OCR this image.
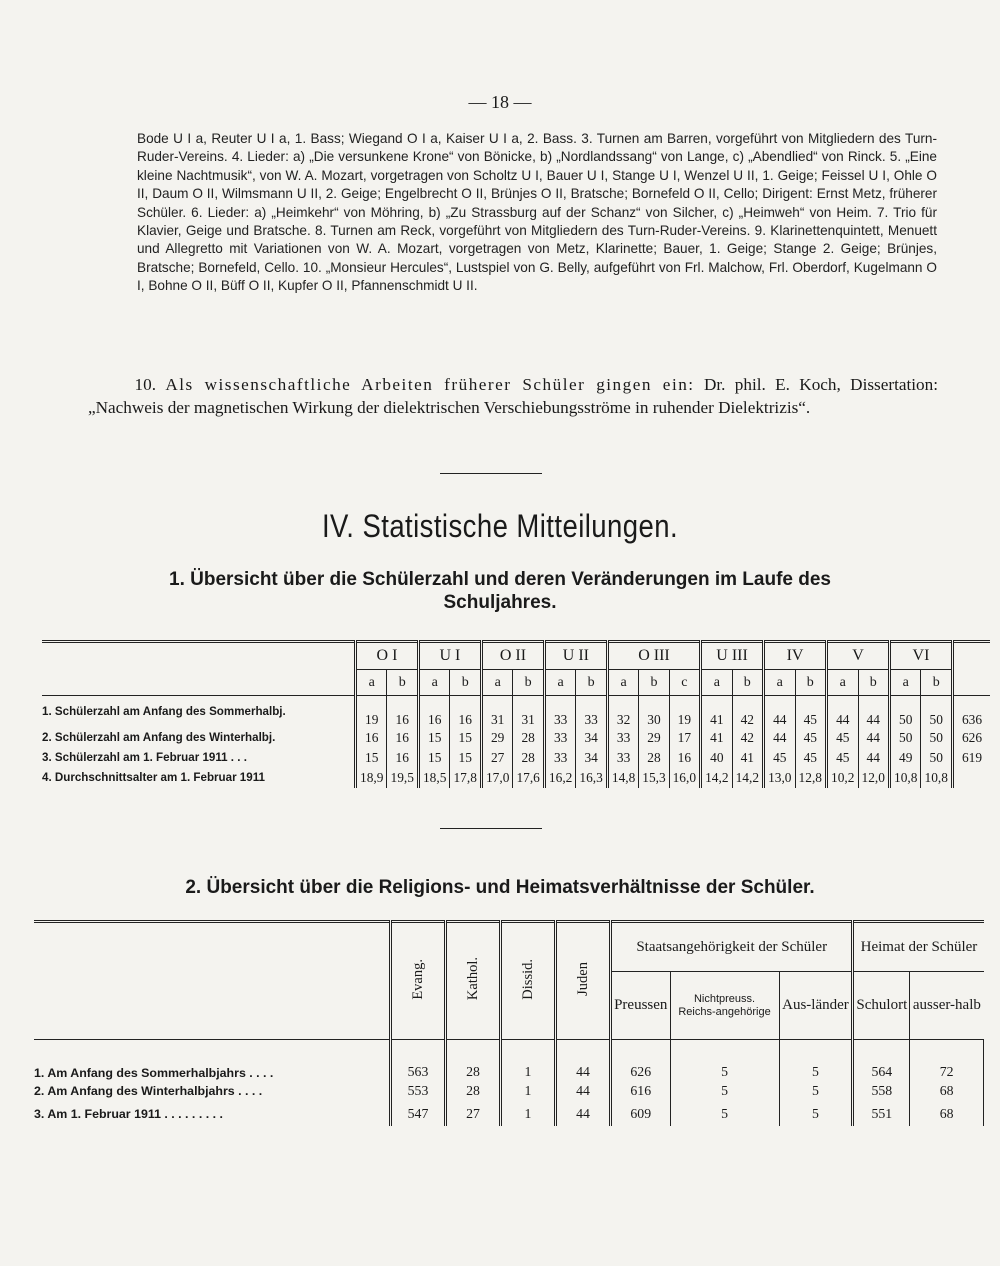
— 18 —
Bode U I a, Reuter U I a, 1. Bass; Wiegand O I a, Kaiser U I a, 2. Bass. 3. Turnen am Barren, vorgeführt von Mitgliedern des Turn-Ruder-Vereins. 4. Lieder: a) „Die versunkene Krone“ von Bönicke, b) „Nordlandssang“ von Lange, c) „Abendlied“ von Rinck. 5. „Eine kleine Nachtmusik“, von W. A. Mozart, vorgetragen von Scholtz U I, Bauer U I, Stange U I, Wenzel U II, 1. Geige; Feissel U I, Ohle O II, Daum O II, Wilmsmann U II, 2. Geige; Engelbrecht O II, Brünjes O II, Bratsche; Bornefeld O II, Cello; Dirigent: Ernst Metz, früherer Schüler. 6. Lieder: a) „Heimkehr“ von Möhring, b) „Zu Strassburg auf der Schanz“ von Silcher, c) „Heimweh“ von Heim. 7. Trio für Klavier, Geige und Bratsche. 8. Turnen am Reck, vorgeführt von Mitgliedern des Turn-Ruder-Vereins. 9. Klarinettenquintett, Menuett und Allegretto mit Variationen von W. A. Mozart, vorgetragen von Metz, Klarinette; Bauer, 1. Geige; Stange 2. Geige; Brünjes, Bratsche; Bornefeld, Cello. 10. „Monsieur Hercules“, Lustspiel von G. Belly, aufgeführt von Frl. Malchow, Frl. Oberdorf, Kugelmann O I, Bohne O II, Büff O II, Kupfer O II, Pfannenschmidt U II.
10. Als wissenschaftliche Arbeiten früherer Schüler gingen ein: Dr. phil. E. Koch, Dissertation: „Nachweis der magnetischen Wirkung der dielektrischen Verschiebungsströme in ruhender Dielektrizis“.
IV. Statistische Mitteilungen.
1. Übersicht über die Schülerzahl und deren Veränderungen im Laufe des Schuljahres.
	O I		U I		O II		U II		O III			U III		IV		V		VI		
	a	b	a	b	a	b	a	b	a	b	c	a	b	a	b	a	b	a	b	
1. Schülerzahl am Anfang des Sommerhalbj.	19	16	16	16	31	31	33	33	32	30	19	41	42	44	45	44	44	50	50	636
2. Schülerzahl am Anfang des Winterhalbj.	16	16	15	15	29	28	33	34	33	29	17	41	42	44	45	45	44	50	50	626
3. Schülerzahl am 1. Februar 1911 . . .	15	16	15	15	27	28	33	34	33	28	16	40	41	45	45	45	44	49	50	619
4. Durchschnittsalter am 1. Februar 1911	18,9	19,5	18,5	17,8	17,0	17,6	16,2	16,3	14,8	15,3	16,0	14,2	14,2	13,0	12,8	10,2	12,0	10,8	10,8	
2. Übersicht über die Religions- und Heimatsverhältnisse der Schüler.
	Evang.	Kathol.	Dissid.	Juden	Staatsangehörigkeit der Schüler			Heimat der Schüler	
					Preussen	Nichtpreuss. Reichs-angehörige	Aus-länder	Schulort	ausser-halb
1. Am Anfang des Sommerhalbjahrs . . . .	563	28	1	44	626	5	5	564	72
2. Am Anfang des Winterhalbjahrs . . . .	553	28	1	44	616	5	5	558	68
3. Am 1. Februar 1911 . . . . . . . . .	547	27	1	44	609	5	5	551	68
